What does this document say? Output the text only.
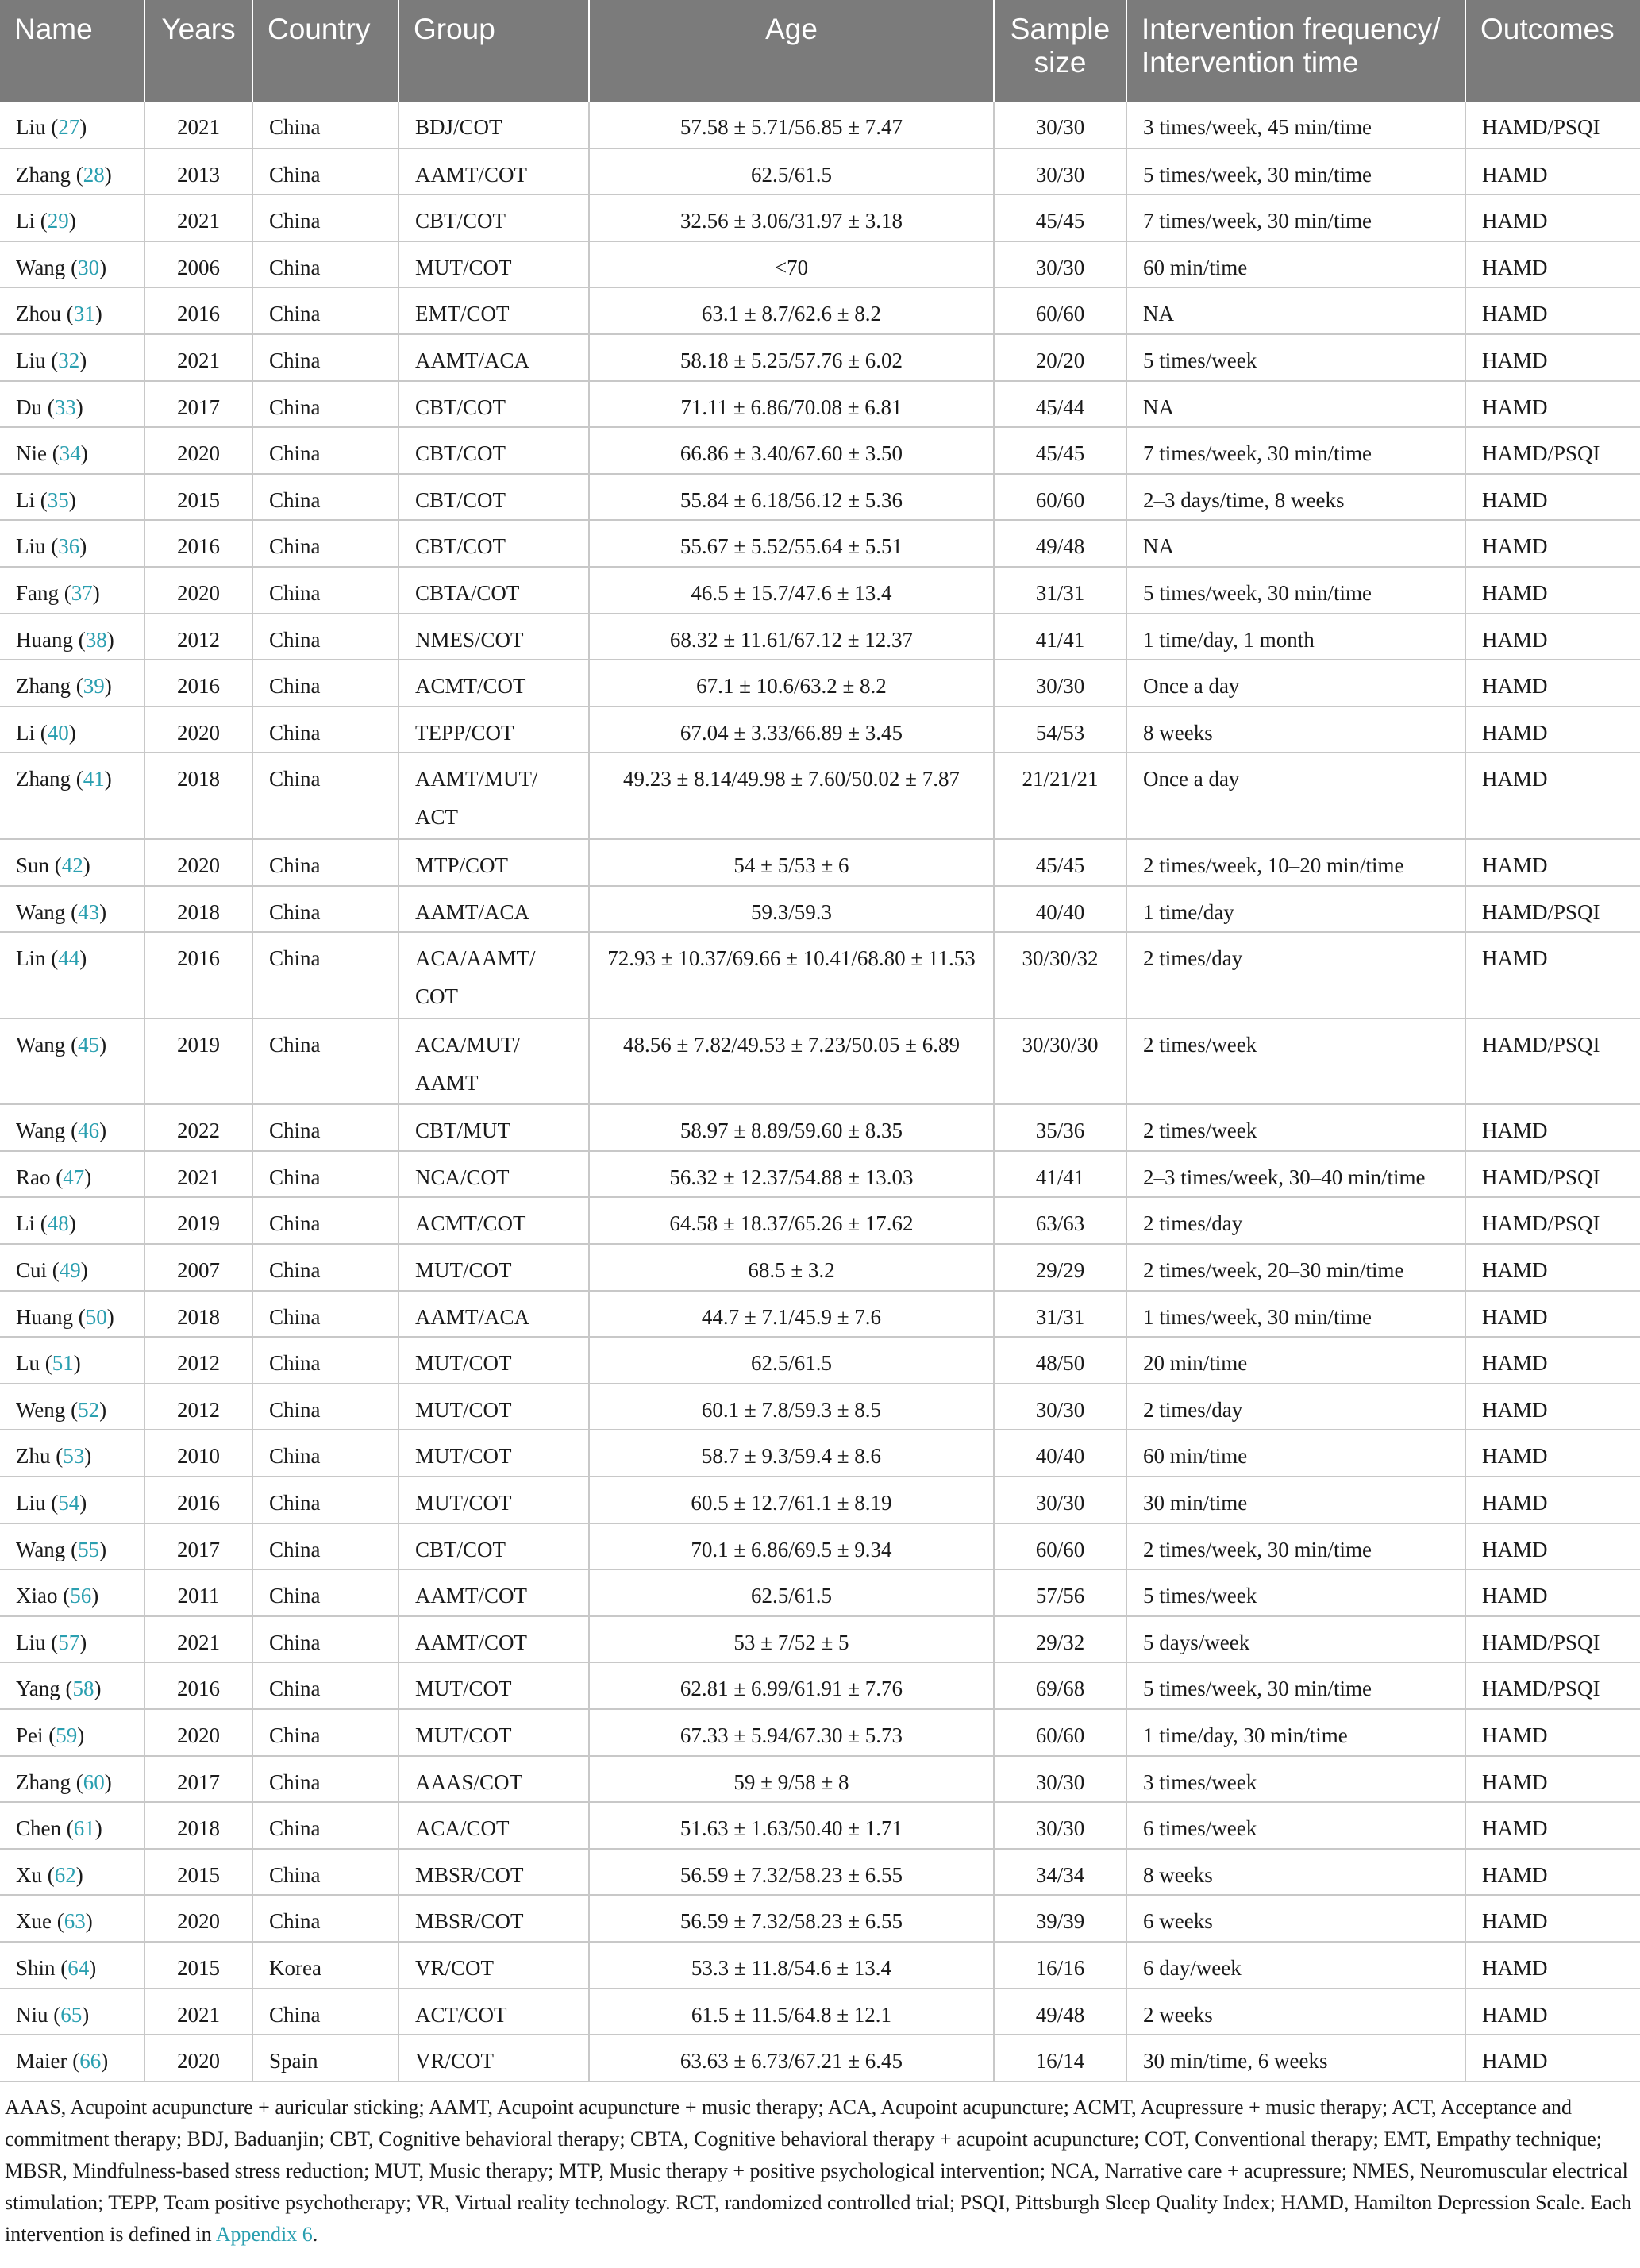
Name	Years	Country	Group	Age	Sample size	Intervention frequency/ Intervention time	Outcomes
Liu (27)	2021	China	BDJ/COT	57.58 ± 5.71/56.85 ± 7.47	30/30	3 times/week, 45 min/time	HAMD/PSQI
Zhang (28)	2013	China	AAMT/COT	62.5/61.5	30/30	5 times/week, 30 min/time	HAMD
Li (29)	2021	China	CBT/COT	32.56 ± 3.06/31.97 ± 3.18	45/45	7 times/week, 30 min/time	HAMD
Wang (30)	2006	China	MUT/COT	<70	30/30	60 min/time	HAMD
Zhou (31)	2016	China	EMT/COT	63.1 ± 8.7/62.6 ± 8.2	60/60	NA	HAMD
Liu (32)	2021	China	AAMT/ACA	58.18 ± 5.25/57.76 ± 6.02	20/20	5 times/week	HAMD
Du (33)	2017	China	CBT/COT	71.11 ± 6.86/70.08 ± 6.81	45/44	NA	HAMD
Nie (34)	2020	China	CBT/COT	66.86 ± 3.40/67.60 ± 3.50	45/45	7 times/week, 30 min/time	HAMD/PSQI
Li (35)	2015	China	CBT/COT	55.84 ± 6.18/56.12 ± 5.36	60/60	2–3 days/time, 8 weeks	HAMD
Liu (36)	2016	China	CBT/COT	55.67 ± 5.52/55.64 ± 5.51	49/48	NA	HAMD
Fang (37)	2020	China	CBTA/COT	46.5 ± 15.7/47.6 ± 13.4	31/31	5 times/week, 30 min/time	HAMD
Huang (38)	2012	China	NMES/COT	68.32 ± 11.61/67.12 ± 12.37	41/41	1 time/day, 1 month	HAMD
Zhang (39)	2016	China	ACMT/COT	67.1 ± 10.6/63.2 ± 8.2	30/30	Once a day	HAMD
Li (40)	2020	China	TEPP/COT	67.04 ± 3.33/66.89 ± 3.45	54/53	8 weeks	HAMD
Zhang (41)	2018	China	AAMT/MUT/ ACT	49.23 ± 8.14/49.98 ± 7.60/50.02 ± 7.87	21/21/21	Once a day	HAMD
Sun (42)	2020	China	MTP/COT	54 ± 5/53 ± 6	45/45	2 times/week, 10–20 min/time	HAMD
Wang (43)	2018	China	AAMT/ACA	59.3/59.3	40/40	1 time/day	HAMD/PSQI
Lin (44)	2016	China	ACA/AAMT/ COT	72.93 ± 10.37/69.66 ± 10.41/68.80 ± 11.53	30/30/32	2 times/day	HAMD
Wang (45)	2019	China	ACA/MUT/ AAMT	48.56 ± 7.82/49.53 ± 7.23/50.05 ± 6.89	30/30/30	2 times/week	HAMD/PSQI
Wang (46)	2022	China	CBT/MUT	58.97 ± 8.89/59.60 ± 8.35	35/36	2 times/week	HAMD
Rao (47)	2021	China	NCA/COT	56.32 ± 12.37/54.88 ± 13.03	41/41	2–3 times/week, 30–40 min/time	HAMD/PSQI
Li (48)	2019	China	ACMT/COT	64.58 ± 18.37/65.26 ± 17.62	63/63	2 times/day	HAMD/PSQI
Cui (49)	2007	China	MUT/COT	68.5 ± 3.2	29/29	2 times/week, 20–30 min/time	HAMD
Huang (50)	2018	China	AAMT/ACA	44.7 ± 7.1/45.9 ± 7.6	31/31	1 times/week, 30 min/time	HAMD
Lu (51)	2012	China	MUT/COT	62.5/61.5	48/50	20 min/time	HAMD
Weng (52)	2012	China	MUT/COT	60.1 ± 7.8/59.3 ± 8.5	30/30	2 times/day	HAMD
Zhu (53)	2010	China	MUT/COT	58.7 ± 9.3/59.4 ± 8.6	40/40	60 min/time	HAMD
Liu (54)	2016	China	MUT/COT	60.5 ± 12.7/61.1 ± 8.19	30/30	30 min/time	HAMD
Wang (55)	2017	China	CBT/COT	70.1 ± 6.86/69.5 ± 9.34	60/60	2 times/week, 30 min/time	HAMD
Xiao (56)	2011	China	AAMT/COT	62.5/61.5	57/56	5 times/week	HAMD
Liu (57)	2021	China	AAMT/COT	53 ± 7/52 ± 5	29/32	5 days/week	HAMD/PSQI
Yang (58)	2016	China	MUT/COT	62.81 ± 6.99/61.91 ± 7.76	69/68	5 times/week, 30 min/time	HAMD/PSQI
Pei (59)	2020	China	MUT/COT	67.33 ± 5.94/67.30 ± 5.73	60/60	1 time/day, 30 min/time	HAMD
Zhang (60)	2017	China	AAAS/COT	59 ± 9/58 ± 8	30/30	3 times/week	HAMD
Chen (61)	2018	China	ACA/COT	51.63 ± 1.63/50.40 ± 1.71	30/30	6 times/week	HAMD
Xu (62)	2015	China	MBSR/COT	56.59 ± 7.32/58.23 ± 6.55	34/34	8 weeks	HAMD
Xue (63)	2020	China	MBSR/COT	56.59 ± 7.32/58.23 ± 6.55	39/39	6 weeks	HAMD
Shin (64)	2015	Korea	VR/COT	53.3 ± 11.8/54.6 ± 13.4	16/16	6 day/week	HAMD
Niu (65)	2021	China	ACT/COT	61.5 ± 11.5/64.8 ± 12.1	49/48	2 weeks	HAMD
Maier (66)	2020	Spain	VR/COT	63.63 ± 6.73/67.21 ± 6.45	16/14	30 min/time, 6 weeks	HAMD
AAAS, Acupoint acupuncture + auricular sticking; AAMT, Acupoint acupuncture + music therapy; ACA, Acupoint acupuncture; ACMT, Acupressure + music therapy; ACT, Acceptance and commitment therapy; BDJ, Baduanjin; CBT, Cognitive behavioral therapy; CBTA, Cognitive behavioral therapy + acupoint acupuncture; COT, Conventional therapy; EMT, Empathy technique; MBSR, Mindfulness-based stress reduction; MUT, Music therapy; MTP, Music therapy + positive psychological intervention; NCA, Narrative care + acupressure; NMES, Neuromuscular electrical stimulation; TEPP, Team positive psychotherapy; VR, Virtual reality technology. RCT, randomized controlled trial; PSQI, Pittsburgh Sleep Quality Index; HAMD, Hamilton Depression Scale. Each intervention is defined in Appendix 6.
